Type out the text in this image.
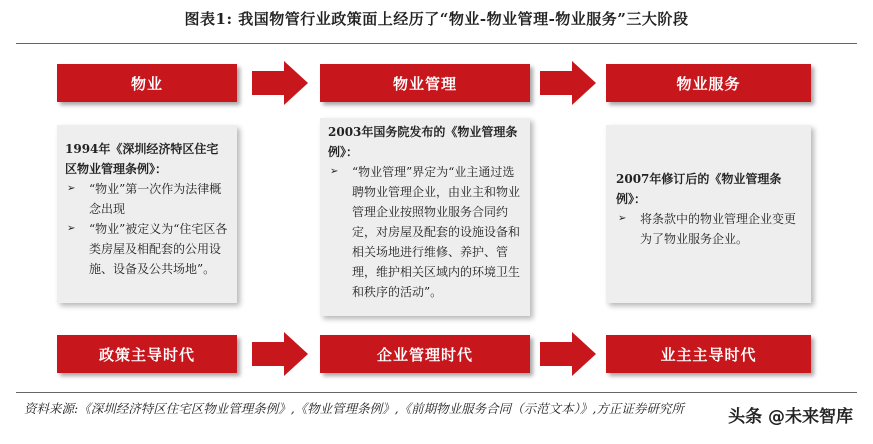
图表1: 我国物管行业政策面上经历了“物业-物业管理-物业服务”三大阶段
物业	物业管理	物业服务
1994年《深圳经济特区住宅区物业管理条例》：
➢ “物业”第一次作为法律概念出现
➢ “物业”被定义为“住宅区各类房屋及相配套的公用设施、设备及公共场地”。
2003年国务院发布的《物业管理条例》：
➢ “物业管理”界定为“业主通过选聘物业管理企业，由业主和物业管理企业按照物业服务合同约定，对房屋及配套的设施设备和相关场地进行维修、养护、管理，维护相关区域内的环境卫生和秩序的活动”。
2007年修订后的《物业管理条例》：
➢ 将条款中的物业管理企业变更为了物业服务企业。
政策主导时代	企业管理时代	业主主导时代
资料来源:《深圳经济特区住宅区物业管理条例》,《物业管理条例》,《前期物业服务合同（示范文本）》,方正证券研究所	头条 @未来智库
